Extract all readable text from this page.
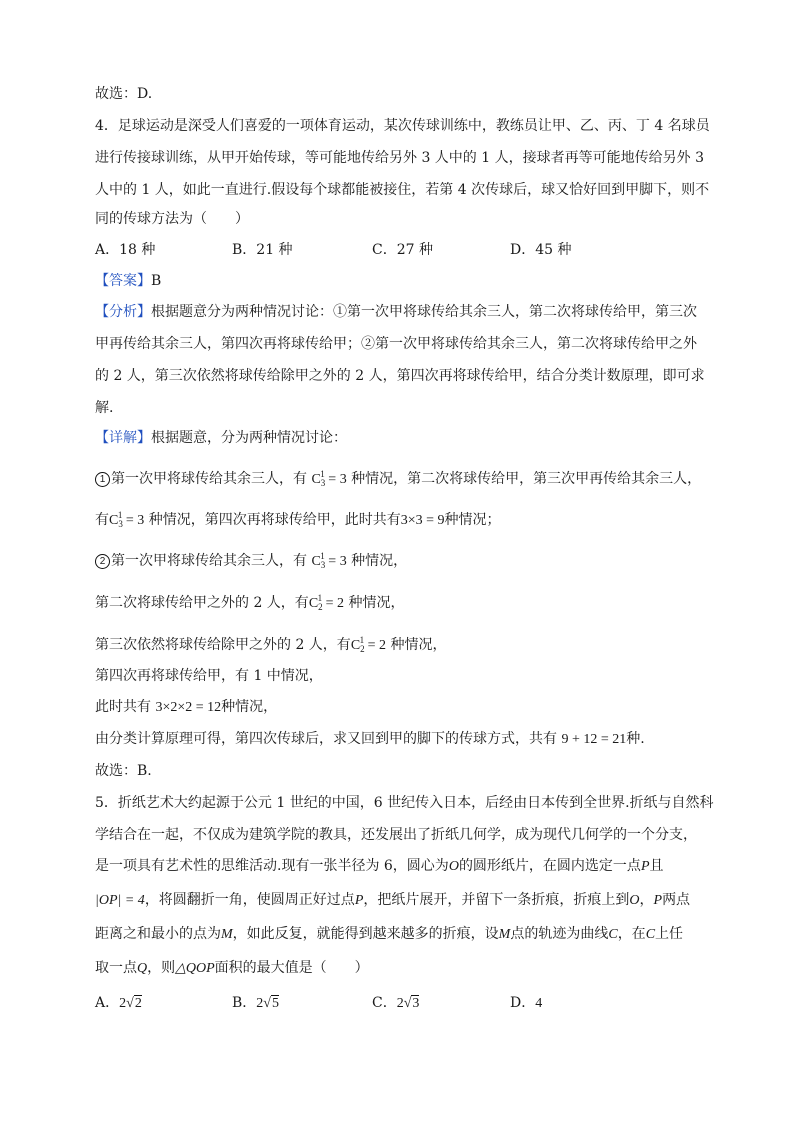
故选：D.
4．足球运动是深受人们喜爱的一项体育运动，某次传球训练中，教练员让甲、乙、丙、丁 4 名球员
进行传接球训练，从甲开始传球，等可能地传给另外 3 人中的 1 人，接球者再等可能地传给另外 3
人中的 1 人，如此一直进行.假设每个球都能被接住，若第 4 次传球后，球又恰好回到甲脚下，则不
同的传球方法为（　　）
A．18 种	B．21 种	C．27 种	D．45 种
【答案】B
【分析】根据题意分为两种情况讨论：①第一次甲将球传给其余三人，第二次将球传给甲，第三次
甲再传给其余三人，第四次再将球传给甲；②第一次甲将球传给其余三人，第二次将球传给甲之外
的 2 人，第三次依然将球传给除甲之外的 2 人，第四次再将球传给甲，结合分类计数原理，即可求
解.
【详解】根据题意，分为两种情况讨论：
1 第一次甲将球传给其余三人，有 $C_3^1 = 3$ 种情况，第二次将球传给甲，第三次甲再传给其余三人，
有$C_3^1 = 3$ 种情况，第四次再将球传给甲，此时共有3×3 = 9种情况；
2 第一次甲将球传给其余三人，有 $C_3^1 = 3$ 种情况，
第二次将球传给甲之外的 2 人，有$C_2^1 = 2$ 种情况，
第三次依然将球传给除甲之外的 2 人，有$C_2^1 = 2$ 种情况，
第四次再将球传给甲，有 1 中情况，
此时共有 3×2×2 = 12种情况，
由分类计算原理可得，第四次传球后，求又回到甲的脚下的传球方式，共有 9 + 12 = 21种.
故选：B.
5．折纸艺术大约起源于公元 1 世纪的中国，6 世纪传入日本，后经由日本传到全世界.折纸与自然科
学结合在一起，不仅成为建筑学院的教具，还发展出了折纸几何学，成为现代几何学的一个分支，
是一项具有艺术性的思维活动.现有一张半径为 6，圆心为O的圆形纸片，在圆内选定一点P且
|OP| = 4，将圆翻折一角，使圆周正好过点P，把纸片展开，并留下一条折痕，折痕上到O，P两点
距离之和最小的点为M，如此反复，就能得到越来越多的折痕，设M点的轨迹为曲线C，在C上任
取一点Q，则△QOP面积的最大值是（　　）
A．2√2	B．2√5	C．2√3	D．4
